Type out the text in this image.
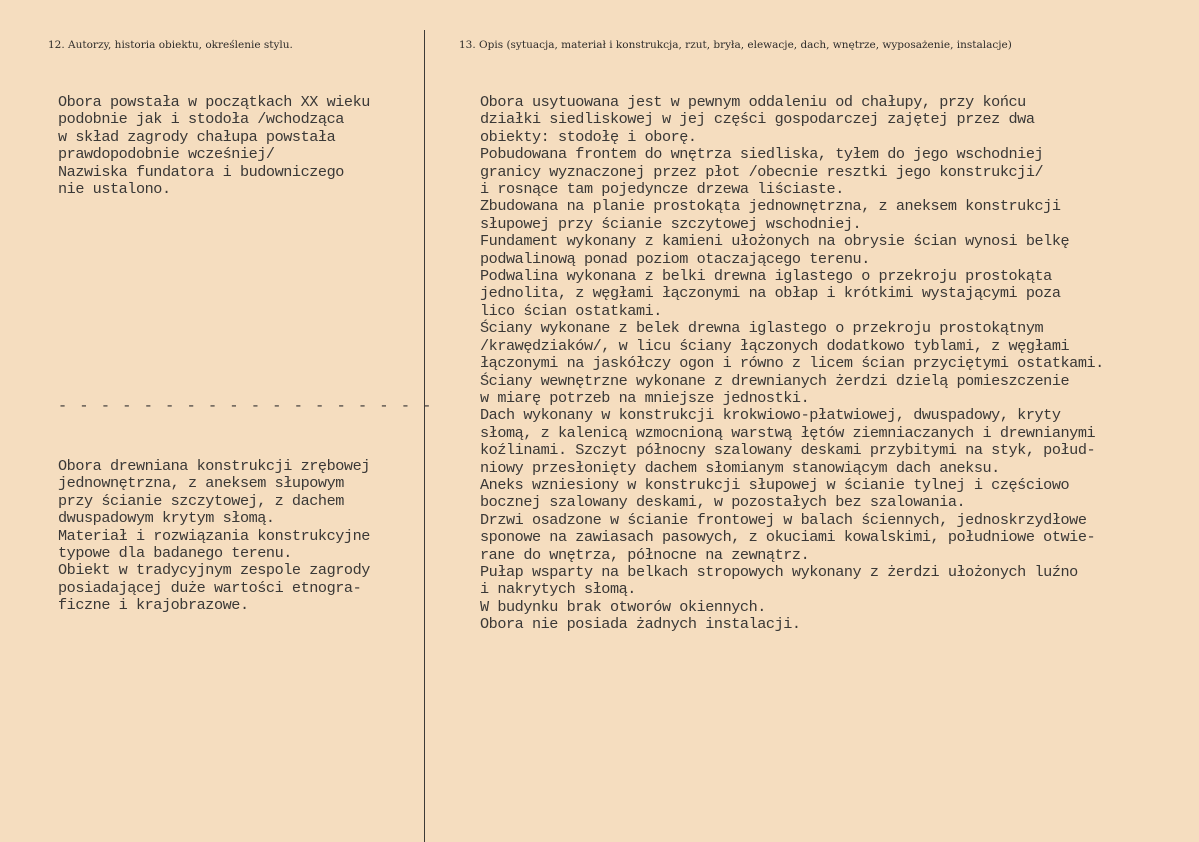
12. Autorzy, historia obiektu, określenie stylu.	13. Opis (sytuacja, materiał i konstrukcja, rzut, bryła, elewacje, dach, wnętrze, wyposażenie, instalacje)
Obora powstała w początkach XX wieku
podobnie jak i stodoła /wchodząca
w skład zagrody chałupa powstała
prawdopodobnie wcześniej/
Nazwiska fundatora i budowniczego
nie ustalono.
- - - - - - - - - - - - - - - - - -
Obora drewniana konstrukcji zrębowej
jednownętrzna, z aneksem słupowym
przy ścianie szczytowej, z dachem
dwuspadowym krytym słomą.
Materiał i rozwiązania konstrukcyjne
typowe dla badanego terenu.
Obiekt w tradycyjnym zespole zagrody
posiadającej duże wartości etnogra-
ficzne i krajobrazowe.
Obora usytuowana jest w pewnym oddaleniu od chałupy, przy końcu
działki siedliskowej w jej części gospodarczej zajętej przez dwa
obiekty: stodołę i oborę.
Pobudowana frontem do wnętrza siedliska, tyłem do jego wschodniej
granicy wyznaczonej przez płot /obecnie resztki jego konstrukcji/
i rosnące tam pojedyncze drzewa liściaste.
Zbudowana na planie prostokąta jednownętrzna, z aneksem konstrukcji
słupowej przy ścianie szczytowej wschodniej.
Fundament wykonany z kamieni ułożonych na obrysie ścian wynosi belkę
podwalinową ponad poziom otaczającego terenu.
Podwalina wykonana z belki drewna iglastego o przekroju prostokąta
jednolita, z węgłami łączonymi na obłap i krótkimi wystającymi poza
lico ścian ostatkami.
Ściany wykonane z belek drewna iglastego o przekroju prostokątnym
/krawędziaków/, w licu ściany łączonych dodatkowo tyblami, z węgłami
łączonymi na jaskółczy ogon i równo z licem ścian przyciętymi ostatkami.
Ściany wewnętrzne wykonane z drewnianych żerdzi dzielą pomieszczenie
w miarę potrzeb na mniejsze jednostki.
Dach wykonany w konstrukcji krokwiowo-płatwiowej, dwuspadowy, kryty
słomą, z kalenicą wzmocnioną warstwą łętów ziemniaczanych i drewnianymi
koźlinami. Szczyt północny szalowany deskami przybitymi na styk, połud-
niowy przesłonięty dachem słomianym stanowiącym dach aneksu.
Aneks wzniesiony w konstrukcji słupowej w ścianie tylnej i częściowo
bocznej szalowany deskami, w pozostałych bez szalowania.
Drzwi osadzone w ścianie frontowej w balach ściennych, jednoskrzydłowe
sponowe na zawiasach pasowych, z okuciami kowalskimi, południowe otwie-
rane do wnętrza, północne na zewnątrz.
Pułap wsparty na belkach stropowych wykonany z żerdzi ułożonych luźno
i nakrytych słomą.
W budynku brak otworów okiennych.
Obora nie posiada żadnych instalacji.
